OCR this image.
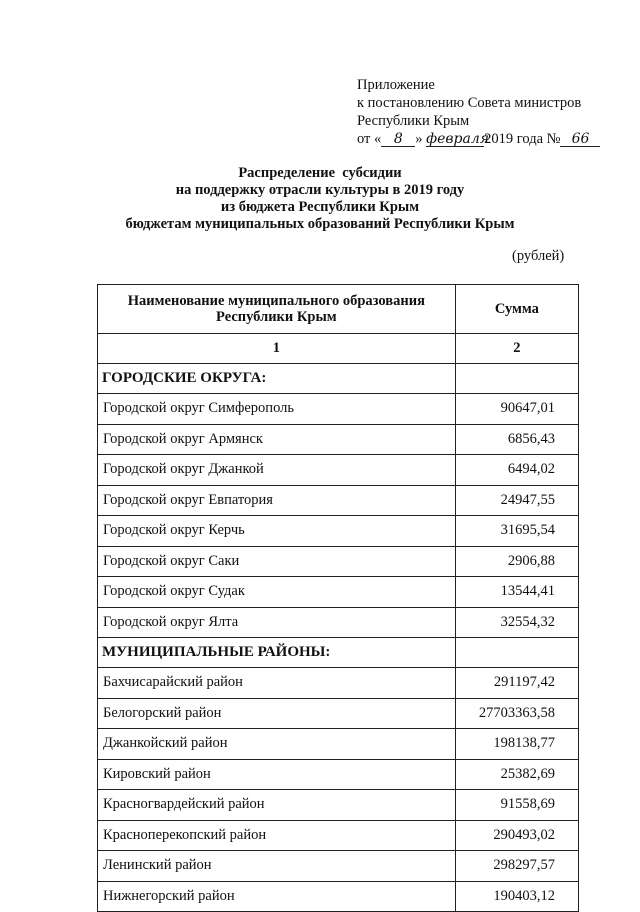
Приложение
к постановлению Совета министров
Республики Крым
от « 8 » февраля2019 года № 66
Распределение  субсидии
на поддержку отрасли культуры в 2019 году
из бюджета Республики Крым
бюджетам муниципальных образований Республики Крым
(рублей)
Наименование муниципального образования Республики Крым	Сумма
1	2
ГОРОДСКИЕ ОКРУГА:	
Городской округ Симферополь	90647,01
Городской округ Армянск	6856,43
Городской округ Джанкой	6494,02
Городской округ Евпатория	24947,55
Городской округ Керчь	31695,54
Городской округ Саки	2906,88
Городской округ Судак	13544,41
Городской округ Ялта	32554,32
МУНИЦИПАЛЬНЫЕ РАЙОНЫ:	
Бахчисарайский район	291197,42
Белогорский район	27703363,58
Джанкойский район	198138,77
Кировский район	25382,69
Красногвардейский район	91558,69
Красноперекопский район	290493,02
Ленинский район	298297,57
Нижнегорский район	190403,12
